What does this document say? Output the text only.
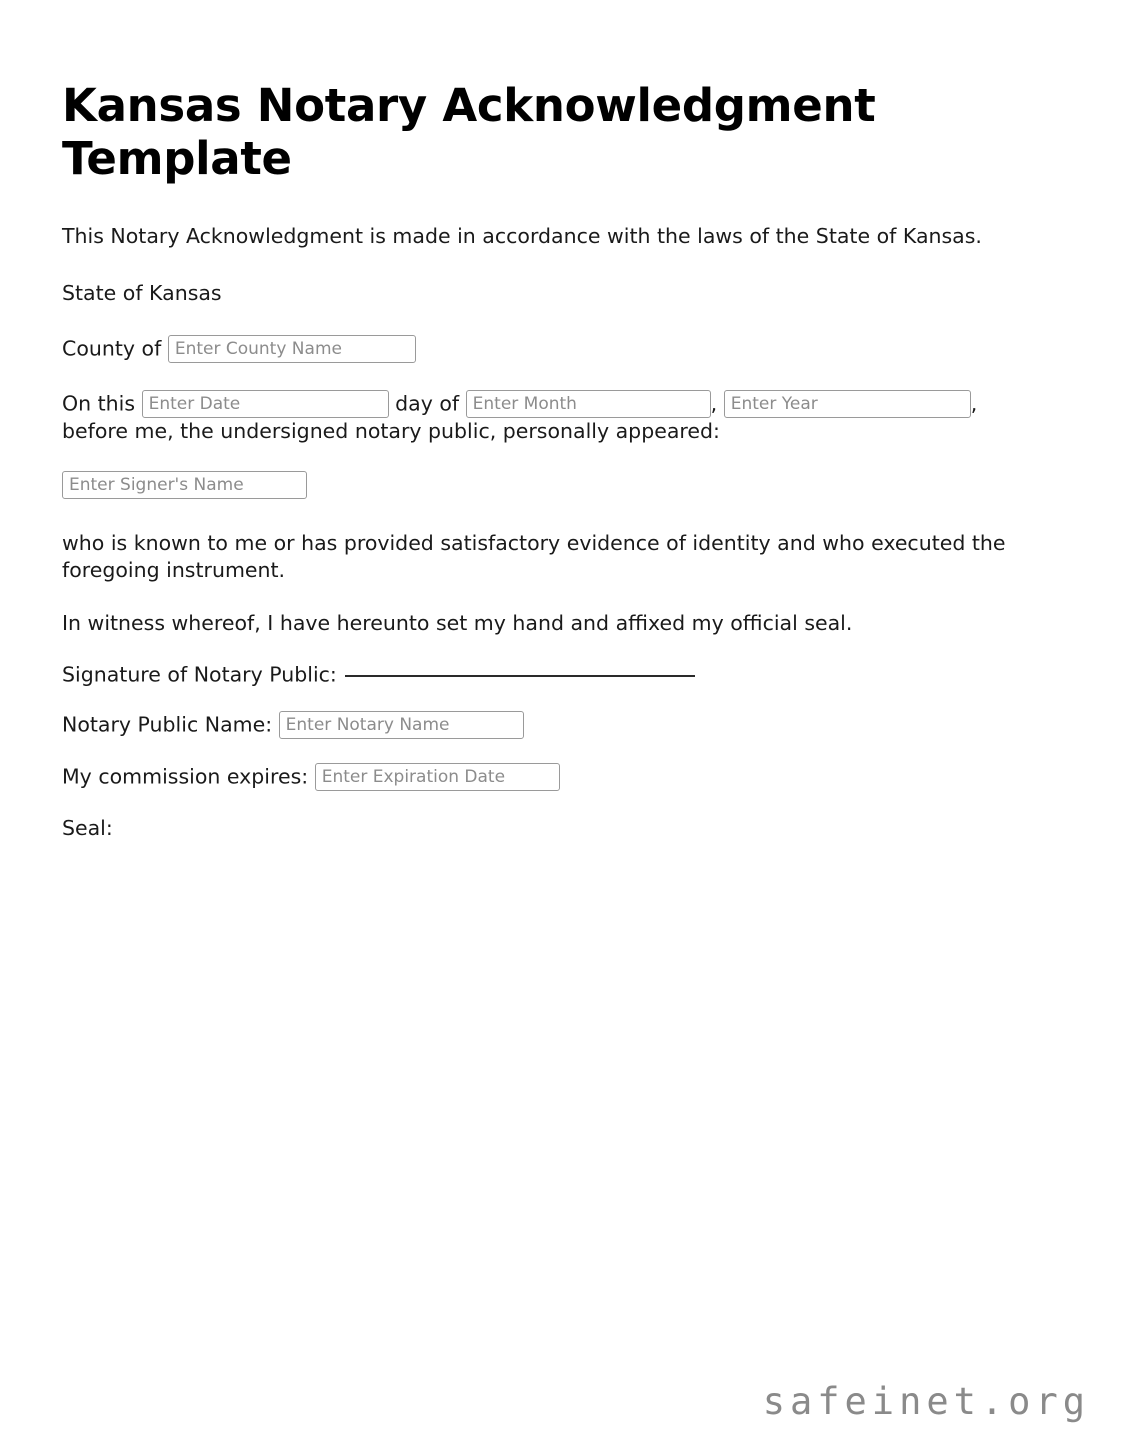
Kansas Notary Acknowledgment Template

This Notary Acknowledgment is made in accordance with the laws of the State of Kansas.

State of Kansas
County of Enter County Name
On this Enter Date	day of Enter Month	, Enter Year	,
before me, the undersigned notary public, personally appeared:
Enter Signer's Name

who is known to me or has provided satisfactory evidence of identity and who executed the foregoing instrument.

In witness whereof, I have hereunto set my hand and affixed my official seal.

Signature of Notary Public:
Notary Public Name: Enter Notary Name
My commission expires: Enter Expiration Date
Seal:
safeinet.org
